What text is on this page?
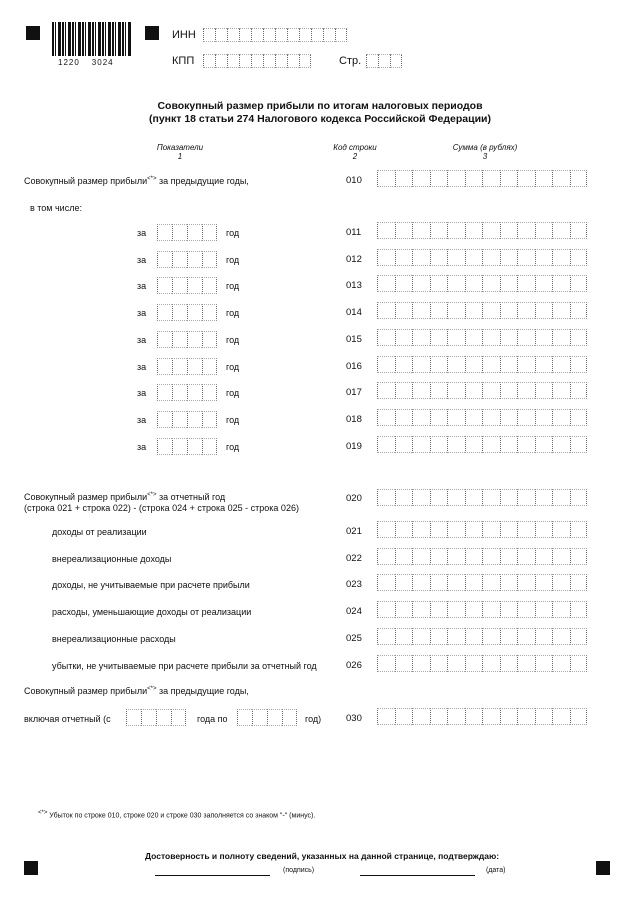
1220 3024
ИНН
КПП	Стр.
Совокупный размер прибыли по итогам налоговых периодов
(пункт 18 статьи 274 Налогового кодекса Российской Федерации)
Показатели
1
Код строки
2
Сумма (в рублях)
3
Совокупный размер прибыли<*> за предыдущие годы,	010
в том числе:
за	год	011
за	год	012
за	год	013
за	год	014
за	год	015
за	год	016
за	год	017
за	год	018
за	год	019
Совокупный размер прибыли<*> за отчетный год
(строка 021 + строка 022) - (строка 024 + строка 025 - строка 026)
020
доходы от реализации	021
внереализационные доходы	022
доходы, не учитываемые при расчете прибыли	023
расходы, уменьшающие доходы от реализации	024
внереализационные расходы	025
убытки, не учитываемые при расчете прибыли за отчетный год	026
Совокупный размер прибыли<*> за предыдущие годы,
включая отчетный (с	года по	год)	030
<*> Убыток по строке 010, строке 020 и строке 030 заполняется со знаком "-" (минус).
Достоверность и полноту сведений, указанных на данной странице, подтверждаю:
(подпись)	(дата)
